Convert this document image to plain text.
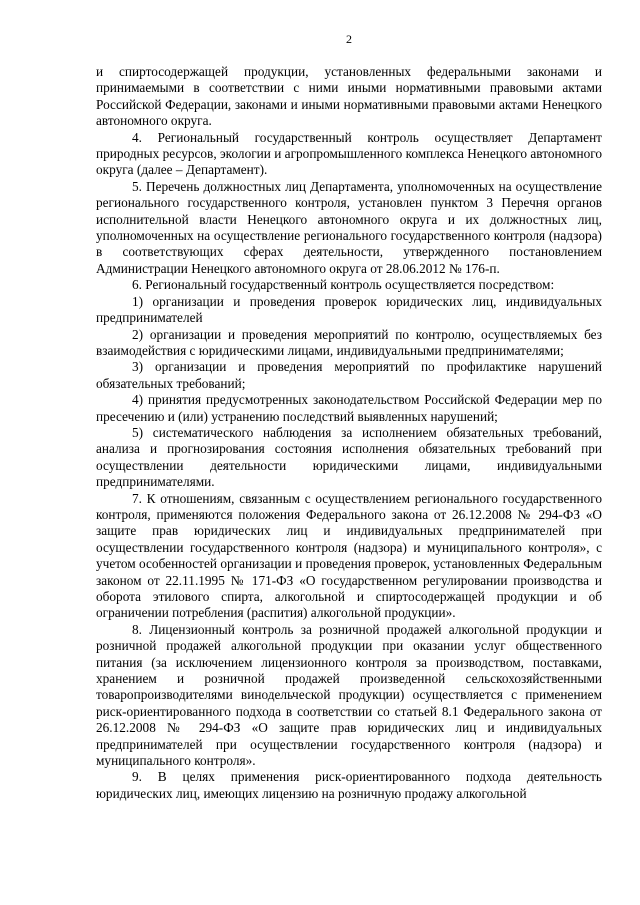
2

и спиртосодержащей продукции, установленных федеральными законами и принимаемыми в соответствии с ними иными нормативными правовыми актами Российской Федерации, законами и иными нормативными правовыми актами Ненецкого автономного округа.

4. Региональный государственный контроль осуществляет Департамент природных ресурсов, экологии и агропромышленного комплекса Ненецкого автономного округа (далее – Департамент).

5. Перечень должностных лиц Департамента, уполномоченных на осуществление регионального государственного контроля, установлен пунктом 3 Перечня органов исполнительной власти Ненецкого автономного округа и их должностных лиц, уполномоченных на осуществление регионального государственного контроля (надзора) в соответствующих сферах деятельности, утвержденного постановлением Администрации Ненецкого автономного округа от 28.06.2012 № 176-п.

6. Региональный государственный контроль осуществляется посредством:

1) организации и проведения проверок юридических лиц, индивидуальных предпринимателей

2) организации и проведения мероприятий по контролю, осуществляемых без взаимодействия с юридическими лицами, индивидуальными предпринимателями;

3) организации и проведения мероприятий по профилактике нарушений обязательных требований;

4) принятия предусмотренных законодательством Российской Федерации мер по пресечению и (или) устранению последствий выявленных нарушений;

5) систематического наблюдения за исполнением обязательных требований, анализа и прогнозирования состояния исполнения обязательных требований при осуществлении деятельности юридическими лицами, индивидуальными предпринимателями.

7. К отношениям, связанным с осуществлением регионального государственного контроля, применяются положения Федерального закона от 26.12.2008 № 294-ФЗ «О защите прав юридических лиц и индивидуальных предпринимателей при осуществлении государственного контроля (надзора) и муниципального контроля», с учетом особенностей организации и проведения проверок, установленных Федеральным законом от 22.11.1995 № 171-ФЗ «О государственном регулировании производства и оборота этилового спирта, алкогольной и спиртосодержащей продукции и об ограничении потребления (распития) алкогольной продукции».

8. Лицензионный контроль за розничной продажей алкогольной продукции и розничной продажей алкогольной продукции при оказании услуг общественного питания (за исключением лицензионного контроля за производством, поставками, хранением и розничной продажей произведенной сельскохозяйственными товаропроизводителями винодельческой продукции) осуществляется с применением риск-ориентированного подхода в соответствии со статьей 8.1 Федерального закона от 26.12.2008 № 294-ФЗ «О защите прав юридических лиц и индивидуальных предпринимателей при осуществлении государственного контроля (надзора) и муниципального контроля».

9. В целях применения риск-ориентированного подхода деятельность юридических лиц, имеющих лицензию на розничную продажу алкогольной
